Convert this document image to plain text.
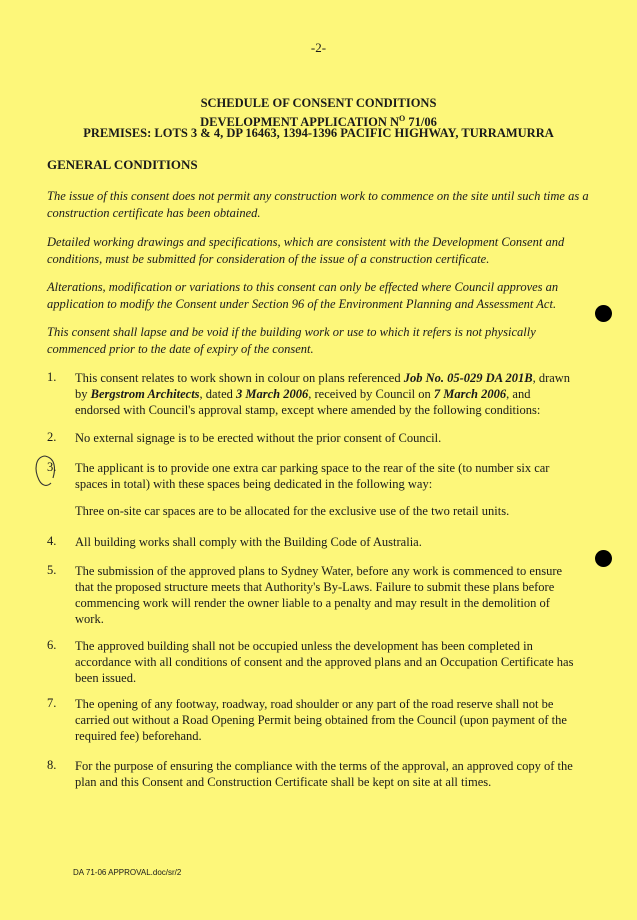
-2-
SCHEDULE OF CONSENT CONDITIONS
DEVELOPMENT APPLICATION $N^O$ 71/06
PREMISES: LOTS 3 & 4, DP 16463, 1394-1396 PACIFIC HIGHWAY, TURRAMURRA
GENERAL CONDITIONS
The issue of this consent does not permit any construction work to commence on the site until such time as a construction certificate has been obtained.
Detailed working drawings and specifications, which are consistent with the Development Consent and conditions, must be submitted for consideration of the issue of a construction certificate.
Alterations, modification or variations to this consent can only be effected where Council approves an application to modify the Consent under Section 96 of the Environment Planning and Assessment Act.
This consent shall lapse and be void if the building work or use to which it refers is not physically commenced prior to the date of expiry of the consent.
1. This consent relates to work shown in colour on plans referenced Job No. 05-029 DA 201B, drawn by Bergstrom Architects, dated 3 March 2006, received by Council on 7 March 2006, and endorsed with Council's approval stamp, except where amended by the following conditions:
2. No external signage is to be erected without the prior consent of Council.
3. The applicant is to provide one extra car parking space to the rear of the site (to number six car spaces in total) with these spaces being dedicated in the following way:
Three on-site car spaces are to be allocated for the exclusive use of the two retail units.
4. All building works shall comply with the Building Code of Australia.
5. The submission of the approved plans to Sydney Water, before any work is commenced to ensure that the proposed structure meets that Authority's By-Laws. Failure to submit these plans before commencing work will render the owner liable to a penalty and may result in the demolition of work.
6. The approved building shall not be occupied unless the development has been completed in accordance with all conditions of consent and the approved plans and an Occupation Certificate has been issued.
7. The opening of any footway, roadway, road shoulder or any part of the road reserve shall not be carried out without a Road Opening Permit being obtained from the Council (upon payment of the required fee) beforehand.
8. For the purpose of ensuring the compliance with the terms of the approval, an approved copy of the plan and this Consent and Construction Certificate shall be kept on site at all times.
DA 71-06 APPROVAL.doc/sr/2
